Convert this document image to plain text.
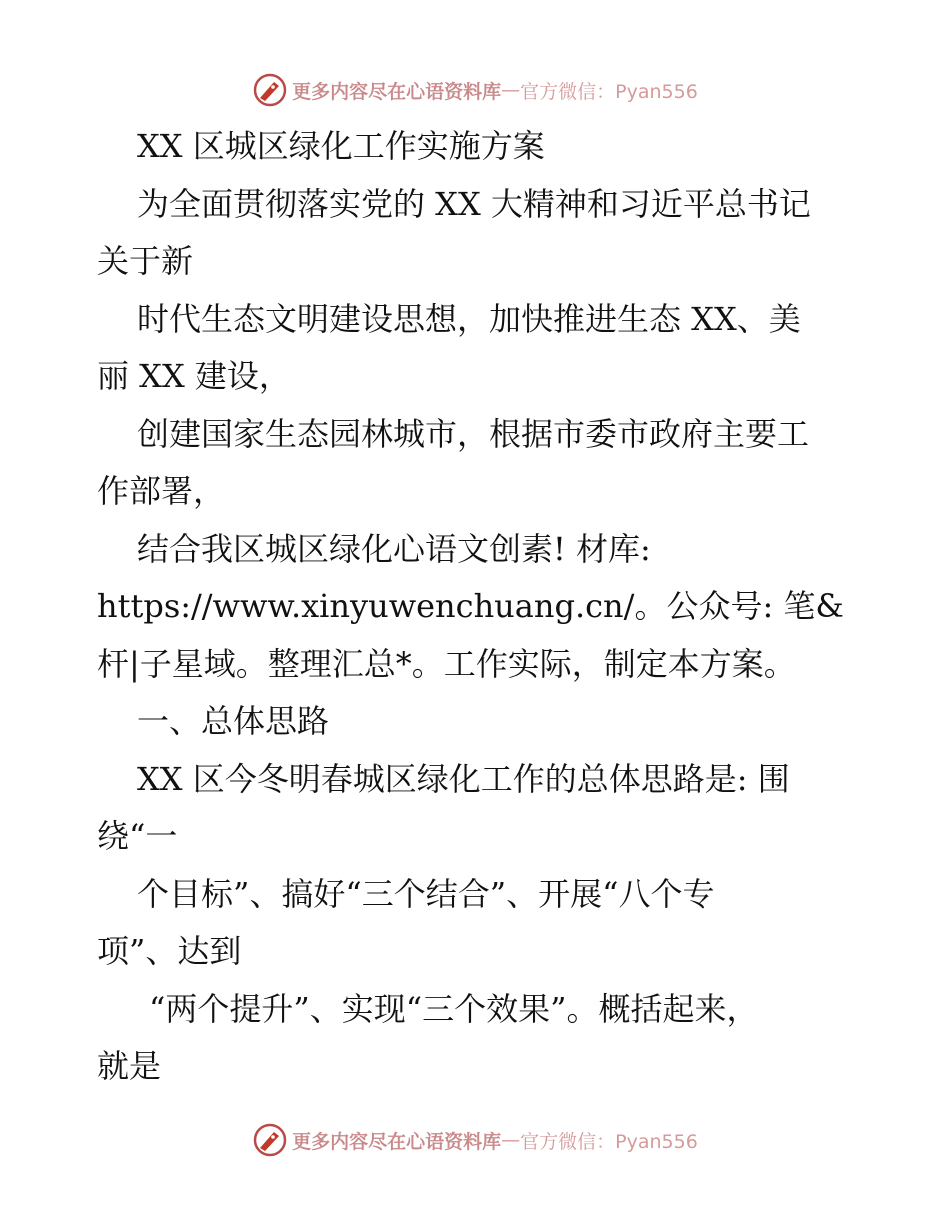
更多内容尽在心语资料库 — 官方微信：Pyan556
XX 区城区绿化工作实施方案
为全面贯彻落实党的 XX 大精神和习近平总书记
关于新
时代生态文明建设思想，加快推进生态 XX、美
丽 XX 建设，
创建国家生态园林城市，根据市委市政府主要工
作部署，
结合我区城区绿化心语文创素! 材库:
https://www.xinyuwenchuang.cn/。公众号: 笔&
杆|子星域。整理汇总*。工作实际，制定本方案。
一、总体思路
XX 区今冬明春城区绿化工作的总体思路是: 围
绕“一
个目标”、搞好“三个结合”、开展“八个专
项”、达到
“两个提升”、实现“三个效果”。概括起来，
就是
更多内容尽在心语资料库 — 官方微信：Pyan556
